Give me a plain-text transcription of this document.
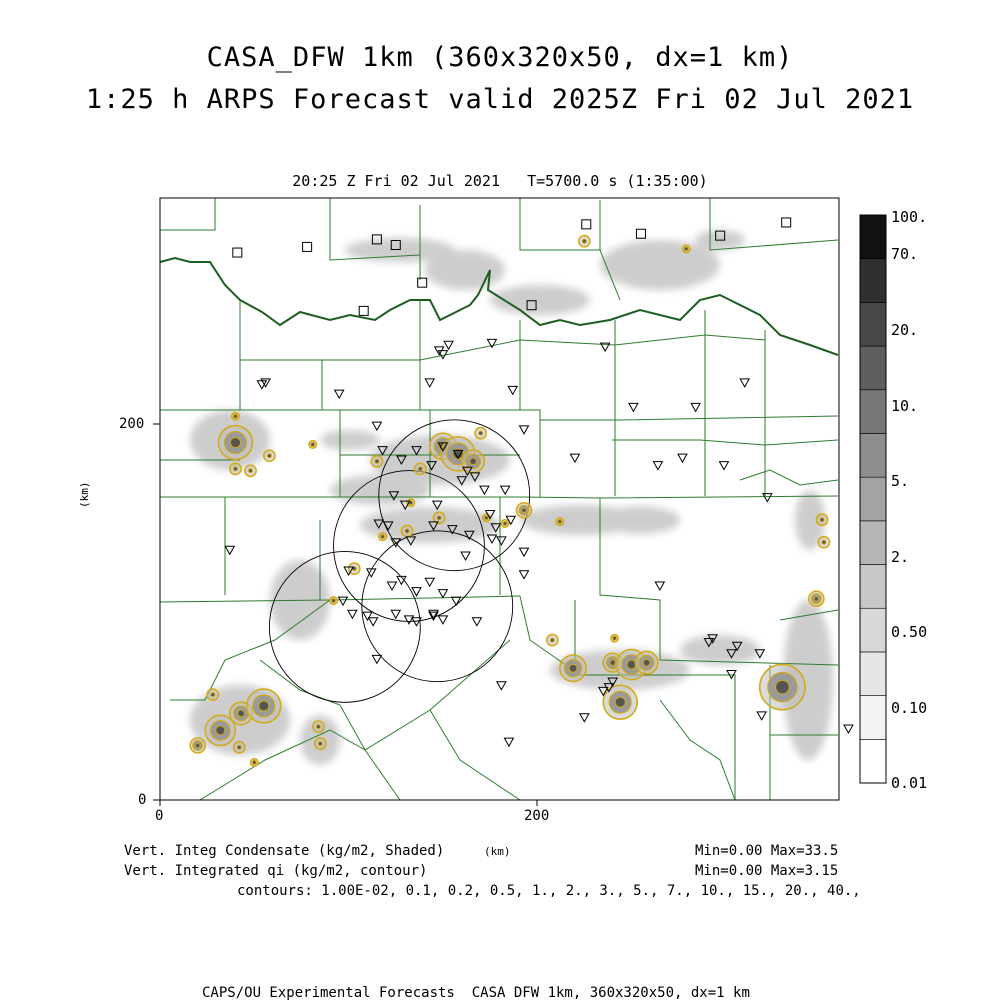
CASA_DFW 1km (360x320x50, dx=1 km)
1:25 h ARPS Forecast valid 2025Z Fri 02 Jul 2021
20:25 Z Fri 02 Jul 2021   T=5700.0 s (1:35:00)
0
200
0	200
(km)
100.
70.
20.
10.
5.
2.
0.50
0.10
0.01
Vert. Integ Condensate (kg/m2, Shaded)	(km)	Min=0.00 Max=33.5
Vert. Integrated qi (kg/m2, contour)	Min=0.00 Max=3.15
contours: 1.00E-02, 0.1, 0.2, 0.5, 1., 2., 3., 5., 7., 10., 15., 20., 40.,
CAPS/OU Experimental Forecasts  CASA DFW 1km, 360x320x50, dx=1 km
